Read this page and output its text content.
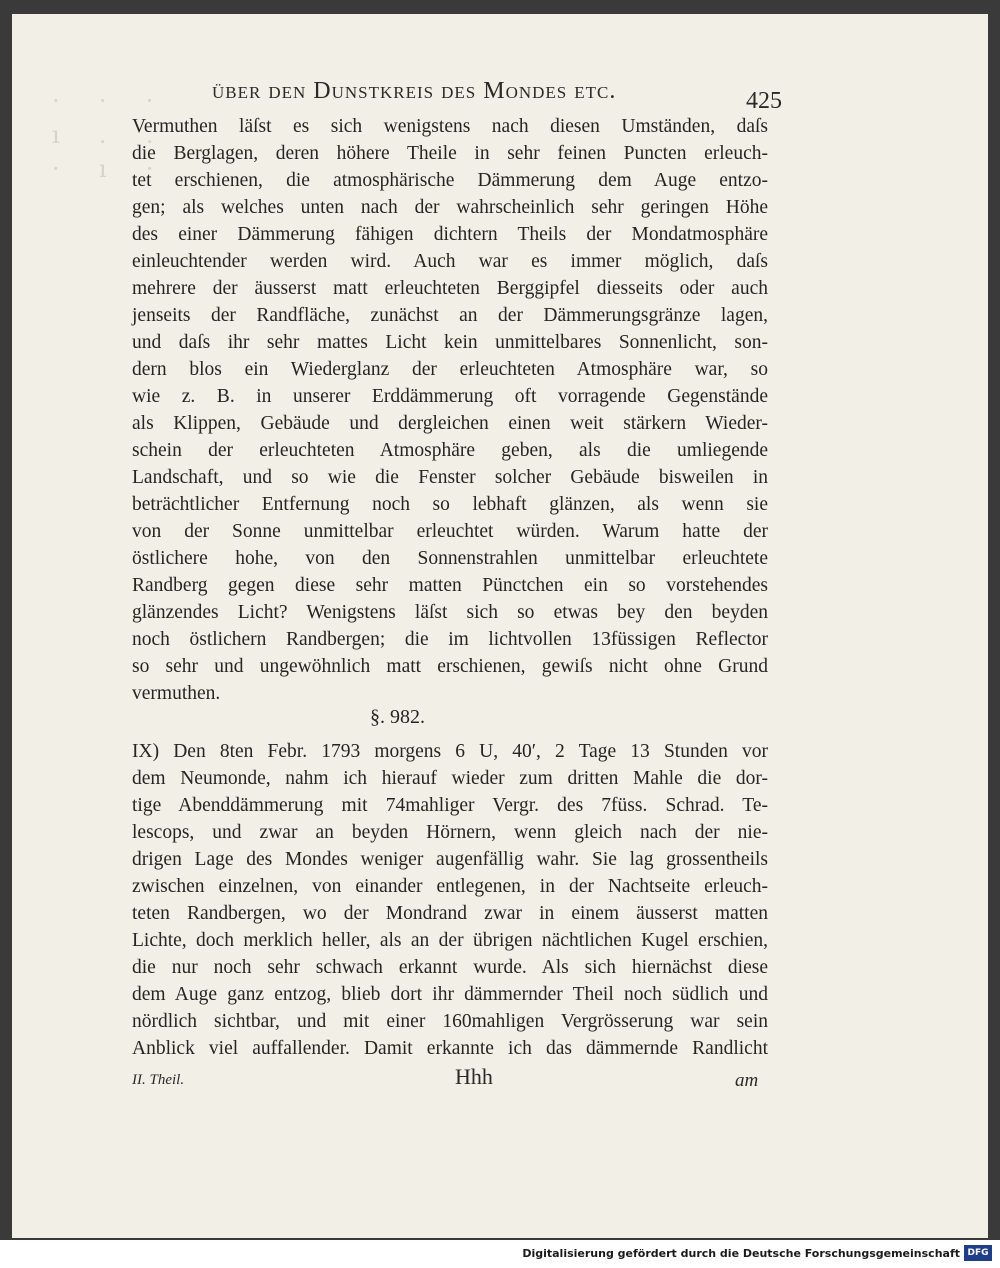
·  ·  ·
ı  .  .
·  ı  ·
über den Dunstkreis des Mondes etc.	425
Vermuthen läſst es sich wenigstens nach diesen Umständen, daſs
die Berglagen, deren höhere Theile in sehr feinen Puncten erleuch-
tet erschienen, die atmosphärische Dämmerung dem Auge entzo-
gen; als welches unten nach der wahrscheinlich sehr geringen Höhe
des einer Dämmerung fähigen dichtern Theils der Mondatmosphäre
einleuchtender werden wird. Auch war es immer möglich, daſs
mehrere der äusserst matt erleuchteten Berggipfel diesseits oder auch
jenseits der Randfläche, zunächst an der Dämmerungsgränze lagen,
und daſs ihr sehr mattes Licht kein unmittelbares Sonnenlicht, son-
dern blos ein Wiederglanz der erleuchteten Atmosphäre war, so
wie z. B. in unserer Erddämmerung oft vorragende Gegenstände
als Klippen, Gebäude und dergleichen einen weit stärkern Wieder-
schein der erleuchteten Atmosphäre geben, als die umliegende
Landschaft, und so wie die Fenster solcher Gebäude bisweilen in
beträchtlicher Entfernung noch so lebhaft glänzen, als wenn sie
von der Sonne unmittelbar erleuchtet würden. Warum hatte der
östlichere hohe, von den Sonnenstrahlen unmittelbar erleuchtete
Randberg gegen diese sehr matten Pünctchen ein so vorstehendes
glänzendes Licht? Wenigstens läſst sich so etwas bey den beyden
noch östlichern Randbergen; die im lichtvollen 13füssigen Reflector
so sehr und ungewöhnlich matt erschienen, gewiſs nicht ohne Grund
vermuthen.
§. 982.
IX) Den 8ten Febr. 1793 morgens 6 U, 40′, 2 Tage 13 Stunden vor
dem Neumonde, nahm ich hierauf wieder zum dritten Mahle die dor-
tige Abenddämmerung mit 74mahliger Vergr. des 7füss. Schrad. Te-
lescops, und zwar an beyden Hörnern, wenn gleich nach der nie-
drigen Lage des Mondes weniger augenfällig wahr. Sie lag grossentheils
zwischen einzelnen, von einander entlegenen, in der Nachtseite erleuch-
teten Randbergen, wo der Mondrand zwar in einem äusserst matten
Lichte, doch merklich heller, als an der übrigen nächtlichen Kugel erschien,
die nur noch sehr schwach erkannt wurde. Als sich hiernächst diese
dem Auge ganz entzog, blieb dort ihr dämmernder Theil noch südlich und
nördlich sichtbar, und mit einer 160mahligen Vergrösserung war sein
Anblick viel auffallender. Damit erkannte ich das dämmernde Randlicht
II. Theil.	Hhh	am
Digitalisierung gefördert durch die Deutsche Forschungsgemeinschaft DFG
